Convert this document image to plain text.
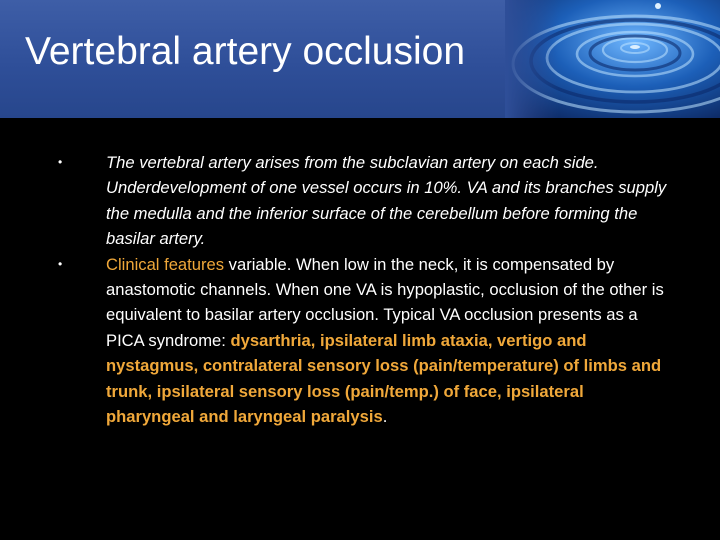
Vertebral artery occlusion
•	The vertebral artery arises from the subclavian artery on each side. Underdevelopment of one vessel occurs in 10%. VA and its branches supply the medulla and the inferior surface of the cerebellum before forming the basilar artery.
•	Clinical features variable. When low in the neck, it is compensated by anastomotic channels. When one VA is hypoplastic, occlusion of the other is equivalent to basilar artery occlusion. Typical VA occlusion presents as a PICA syndrome: dysarthria, ipsilateral limb ataxia, vertigo and nystagmus, contralateral sensory loss (pain/temperature) of limbs and trunk, ipsilateral sensory loss (pain/temp.) of face, ipsilateral pharyngeal and laryngeal paralysis.
